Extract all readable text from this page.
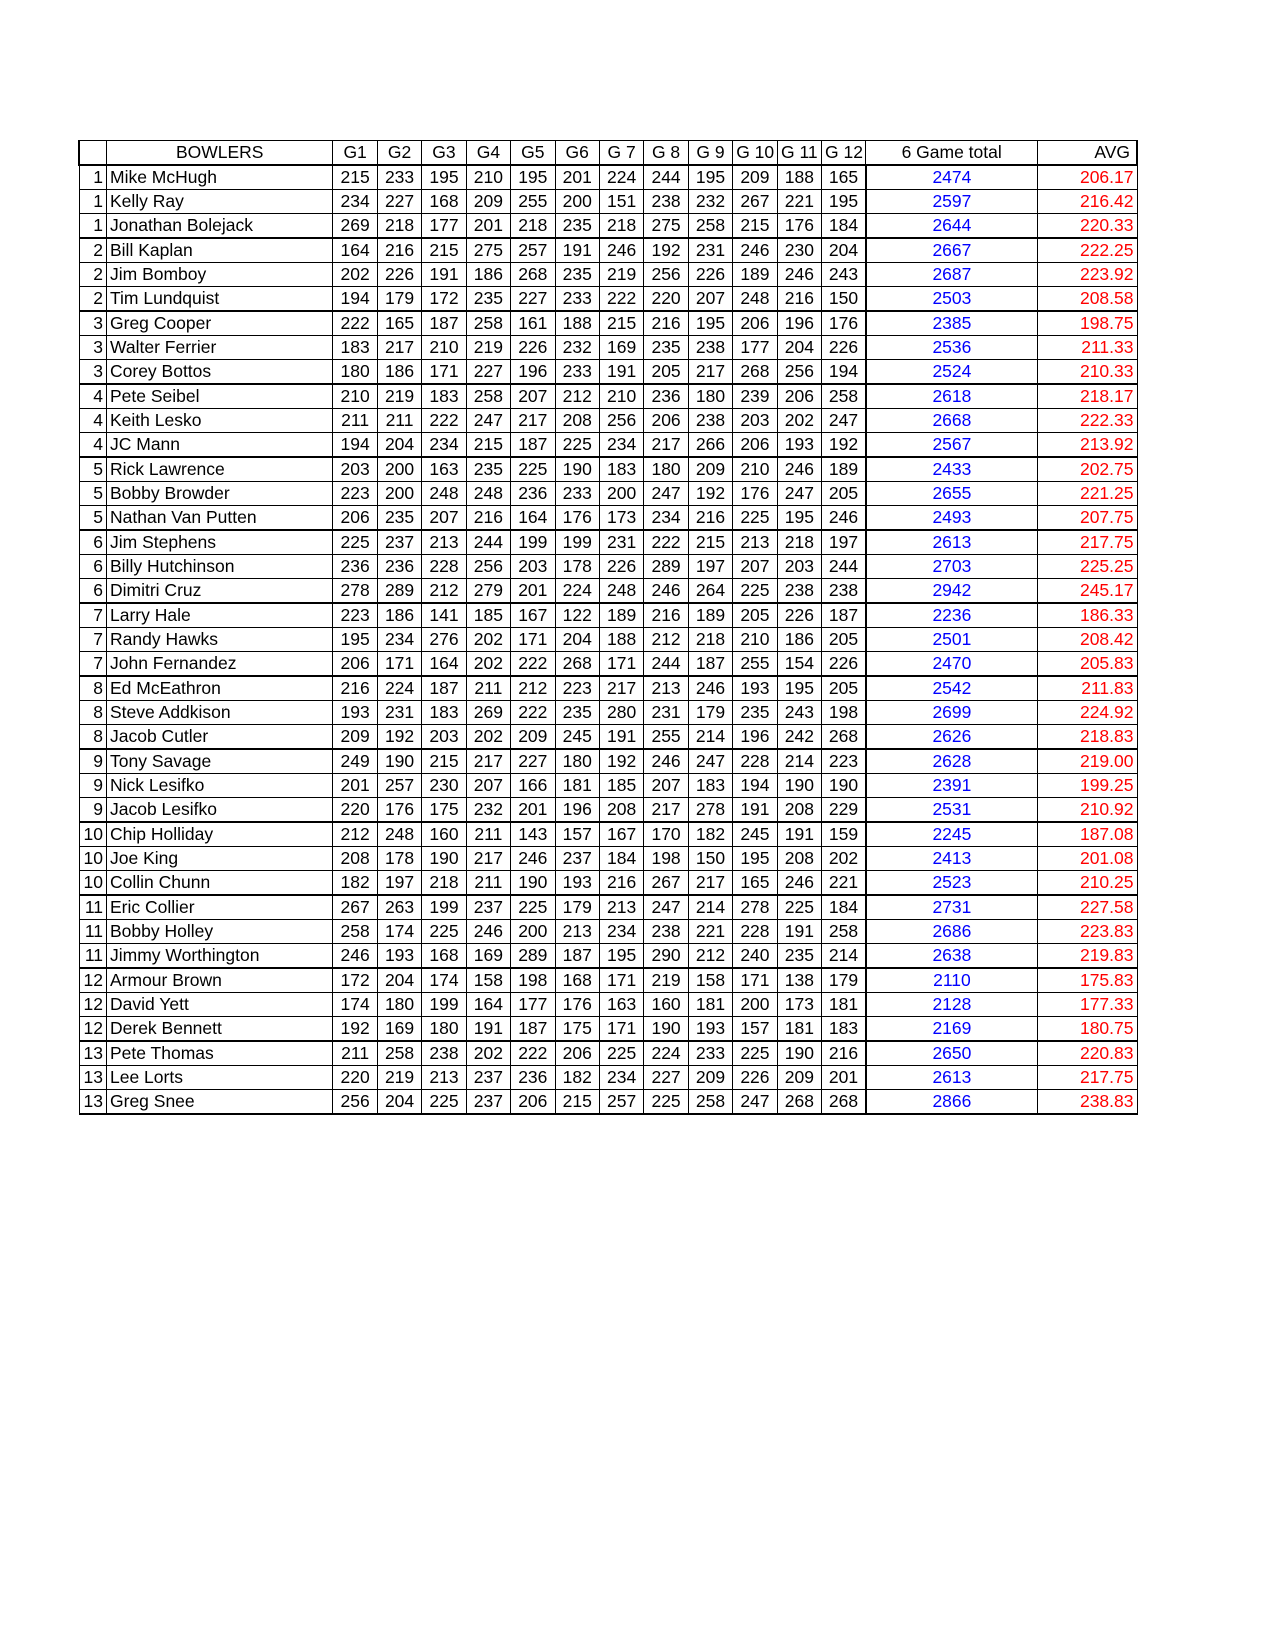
	BOWLERS	G1	G2	G3	G4	G5	G6	G 7	G 8	G 9	G 10	G 11	G 12	6 Game total	AVG
1	Mike McHugh	215	233	195	210	195	201	224	244	195	209	188	165	2474	206.17
1	Kelly Ray	234	227	168	209	255	200	151	238	232	267	221	195	2597	216.42
1	Jonathan Bolejack	269	218	177	201	218	235	218	275	258	215	176	184	2644	220.33
2	Bill Kaplan	164	216	215	275	257	191	246	192	231	246	230	204	2667	222.25
2	Jim Bomboy	202	226	191	186	268	235	219	256	226	189	246	243	2687	223.92
2	Tim Lundquist	194	179	172	235	227	233	222	220	207	248	216	150	2503	208.58
3	Greg Cooper	222	165	187	258	161	188	215	216	195	206	196	176	2385	198.75
3	Walter Ferrier	183	217	210	219	226	232	169	235	238	177	204	226	2536	211.33
3	Corey Bottos	180	186	171	227	196	233	191	205	217	268	256	194	2524	210.33
4	Pete Seibel	210	219	183	258	207	212	210	236	180	239	206	258	2618	218.17
4	Keith Lesko	211	211	222	247	217	208	256	206	238	203	202	247	2668	222.33
4	JC Mann	194	204	234	215	187	225	234	217	266	206	193	192	2567	213.92
5	Rick Lawrence	203	200	163	235	225	190	183	180	209	210	246	189	2433	202.75
5	Bobby Browder	223	200	248	248	236	233	200	247	192	176	247	205	2655	221.25
5	Nathan Van Putten	206	235	207	216	164	176	173	234	216	225	195	246	2493	207.75
6	Jim Stephens	225	237	213	244	199	199	231	222	215	213	218	197	2613	217.75
6	Billy Hutchinson	236	236	228	256	203	178	226	289	197	207	203	244	2703	225.25
6	Dimitri Cruz	278	289	212	279	201	224	248	246	264	225	238	238	2942	245.17
7	Larry Hale	223	186	141	185	167	122	189	216	189	205	226	187	2236	186.33
7	Randy Hawks	195	234	276	202	171	204	188	212	218	210	186	205	2501	208.42
7	John Fernandez	206	171	164	202	222	268	171	244	187	255	154	226	2470	205.83
8	Ed McEathron	216	224	187	211	212	223	217	213	246	193	195	205	2542	211.83
8	Steve Addkison	193	231	183	269	222	235	280	231	179	235	243	198	2699	224.92
8	Jacob Cutler	209	192	203	202	209	245	191	255	214	196	242	268	2626	218.83
9	Tony Savage	249	190	215	217	227	180	192	246	247	228	214	223	2628	219.00
9	Nick Lesifko	201	257	230	207	166	181	185	207	183	194	190	190	2391	199.25
9	Jacob Lesifko	220	176	175	232	201	196	208	217	278	191	208	229	2531	210.92
10	Chip Holliday	212	248	160	211	143	157	167	170	182	245	191	159	2245	187.08
10	Joe King	208	178	190	217	246	237	184	198	150	195	208	202	2413	201.08
10	Collin Chunn	182	197	218	211	190	193	216	267	217	165	246	221	2523	210.25
11	Eric Collier	267	263	199	237	225	179	213	247	214	278	225	184	2731	227.58
11	Bobby Holley	258	174	225	246	200	213	234	238	221	228	191	258	2686	223.83
11	Jimmy Worthington	246	193	168	169	289	187	195	290	212	240	235	214	2638	219.83
12	Armour Brown	172	204	174	158	198	168	171	219	158	171	138	179	2110	175.83
12	David Yett	174	180	199	164	177	176	163	160	181	200	173	181	2128	177.33
12	Derek Bennett	192	169	180	191	187	175	171	190	193	157	181	183	2169	180.75
13	Pete Thomas	211	258	238	202	222	206	225	224	233	225	190	216	2650	220.83
13	Lee Lorts	220	219	213	237	236	182	234	227	209	226	209	201	2613	217.75
13	Greg Snee	256	204	225	237	206	215	257	225	258	247	268	268	2866	238.83
